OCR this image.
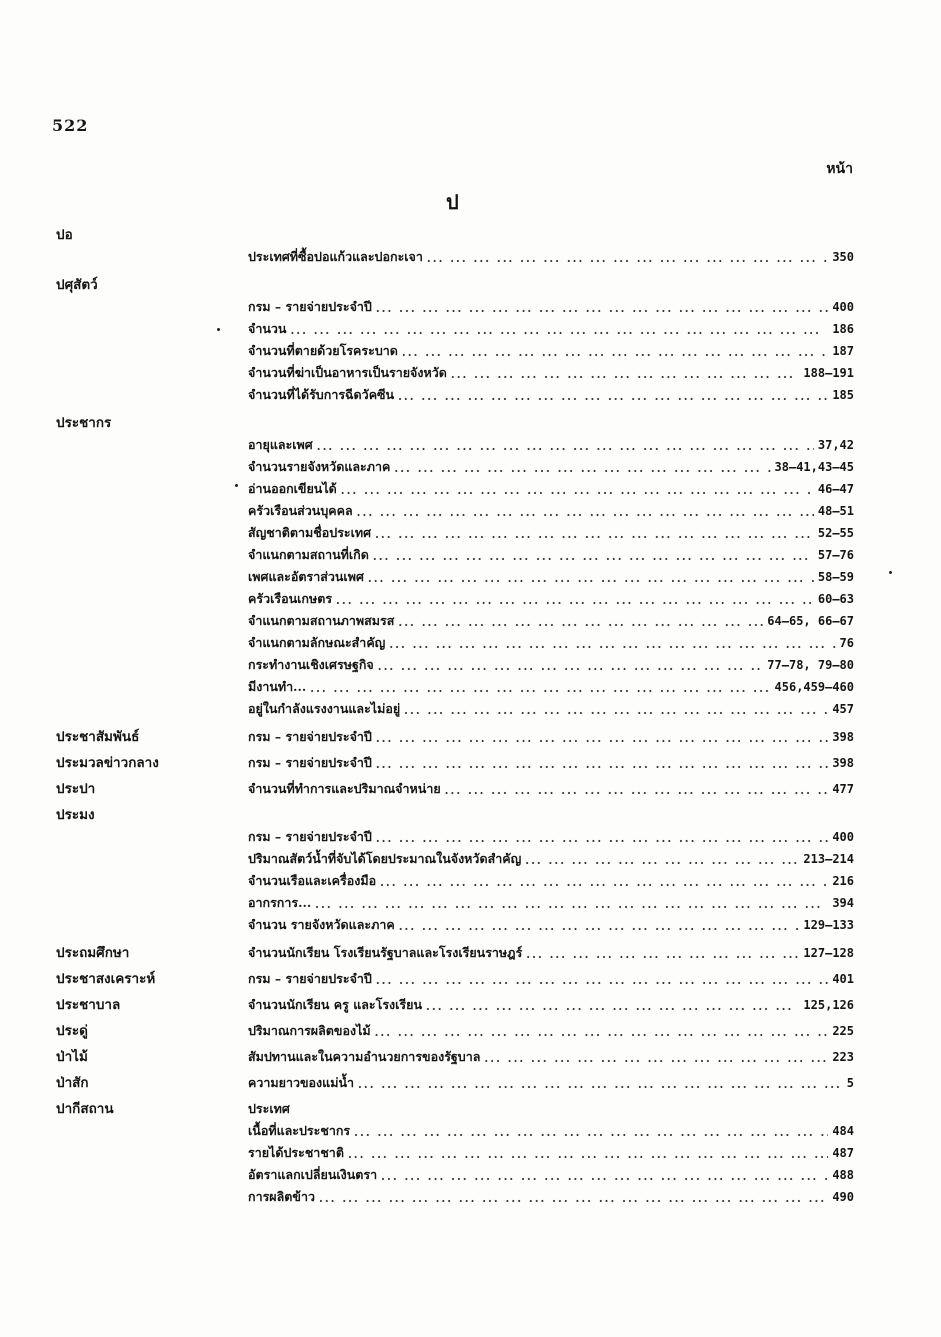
522
หน้า
ป
ปอ
ประเทศที่ซื้อปอแก้วและปอกะเจา ... .	350
ปศุสัตว์
กรม – รายจ่ายประจำปี ... .	400
จำนวน ... .	186
จำนวนที่ตายด้วยโรคระบาด ... .	187
จำนวนที่ฆ่าเป็นอาหารเป็นรายจังหวัด ... .	188–191
จำนวนที่ได้รับการฉีดวัคซีน ... .	185
ประชากร
อายุและเพศ ... .	37,42
จำนวนรายจังหวัดและภาค ... .	38–41,43–45
อ่านออกเขียนได้ ... .	46–47
ครัวเรือนส่วนบุคคล ... .	48–51
สัญชาติตามชื่อประเทศ ... .	52–55
จำแนกตามสถานที่เกิด ... .	57–76
เพศและอัตราส่วนเพศ ... .	58–59
ครัวเรือนเกษตร ... .	60–63
จำแนกตามสถานภาพสมรส ... .	64–65, 66–67
จำแนกตามลักษณะสำคัญ ... .	76
กระทำงานเชิงเศรษฐกิจ ... .	77–78, 79–80
มีงานทำ... ... .	456,459–460
อยู่ในกำลังแรงงานและไม่อยู่ ... .	457
ประชาสัมพันธ์	กรม – รายจ่ายประจำปี ... .	398
ประมวลข่าวกลาง	กรม – รายจ่ายประจำปี ... .	398
ประปา	จำนวนที่ทำการและปริมาณจำหน่าย ... .	477
ประมง
กรม – รายจ่ายประจำปี ... .	400
ปริมาณสัตว์น้ำที่จับได้โดยประมาณในจังหวัดสำคัญ ... .	213–214
จำนวนเรือและเครื่องมือ ... .	216
อากรการ... ... .	394
จำนวน รายจังหวัดและภาค ... .	129–133
ประถมศึกษา	จำนวนนักเรียน โรงเรียนรัฐบาลและโรงเรียนราษฎร์ ... .	127–128
ประชาสงเคราะห์	กรม – รายจ่ายประจำปี ... .	401
ประชาบาล	จำนวนนักเรียน ครู และโรงเรียน ... .	125,126
ประดู่	ปริมาณการผลิตของไม้ ... .	225
ป่าไม้	สัมปทานและในความอำนวยการของรัฐบาล ... .	223
ป่าสัก	ความยาวของแม่น้ำ ... .	5
ปากีสถาน	ประเทศ
เนื้อที่และประชากร ... .	484
รายได้ประชาชาติ ... .	487
อัตราแลกเปลี่ยนเงินตรา ... .	488
การผลิตข้าว ... .	490
